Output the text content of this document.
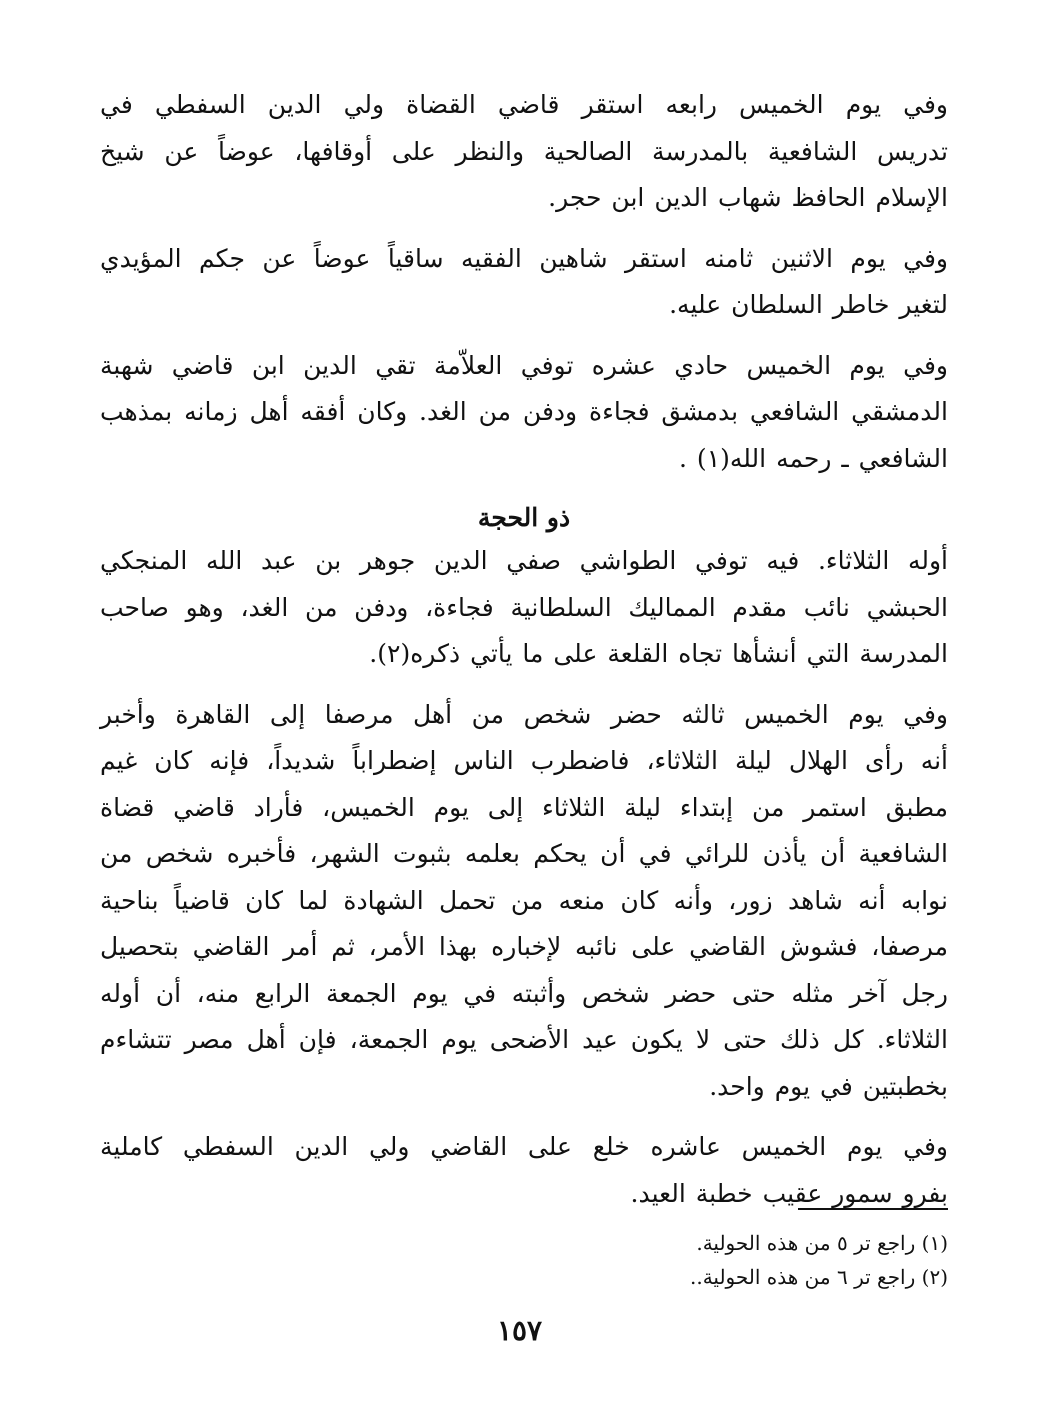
وفي يوم الخميس رابعه استقر قاضي القضاة ولي الدين السفطي في
تدريس الشافعية بالمدرسة الصالحية والنظر على أوقافها، عوضاً عن شيخ
الإسلام الحافظ شهاب الدين ابن حجر.
وفي يوم الاثنين ثامنه استقر شاهين الفقيه ساقياً عوضاً عن جكم المؤيدي
لتغير خاطر السلطان عليه.
وفي يوم الخميس حادي عشره توفي العلاّمة تقي الدين ابن قاضي شهبة
الدمشقي الشافعي بدمشق فجاءة ودفن من الغد. وكان أفقه أهل زمانه بمذهب
الشافعي ـ رحمه الله(١) .
ذو الحجة
أوله الثلاثاء. فيه توفي الطواشي صفي الدين جوهر بن عبد الله المنجكي
الحبشي نائب مقدم المماليك السلطانية فجاءة، ودفن من الغد، وهو صاحب
المدرسة التي أنشأها تجاه القلعة على ما يأتي ذكره(٢).
وفي يوم الخميس ثالثه حضر شخص من أهل مرصفا إلى القاهرة وأخبر
أنه رأى الهلال ليلة الثلاثاء، فاضطرب الناس إضطراباً شديداً، فإنه كان غيم
مطبق استمر من إبتداء ليلة الثلاثاء إلى يوم الخميس، فأراد قاضي قضاة
الشافعية أن يأذن للرائي في أن يحكم بعلمه بثبوت الشهر، فأخبره شخص من
نوابه أنه شاهد زور، وأنه كان منعه من تحمل الشهادة لما كان قاضياً بناحية
مرصفا، فشوش القاضي على نائبه لإخباره بهذا الأمر، ثم أمر القاضي بتحصيل
رجل آخر مثله حتى حضر شخص وأثبته في يوم الجمعة الرابع منه، أن أوله
الثلاثاء. كل ذلك حتى لا يكون عيد الأضحى يوم الجمعة، فإن أهل مصر تتشاءم
بخطبتين في يوم واحد.
وفي يوم الخميس عاشره خلع على القاضي ولي الدين السفطي كاملية
بفرو سمور عقيب خطبة العيد.
(١) راجع تر ٥ من هذه الحولية.
(٢) راجع تر ٦ من هذه الحولية..
١٥٧
